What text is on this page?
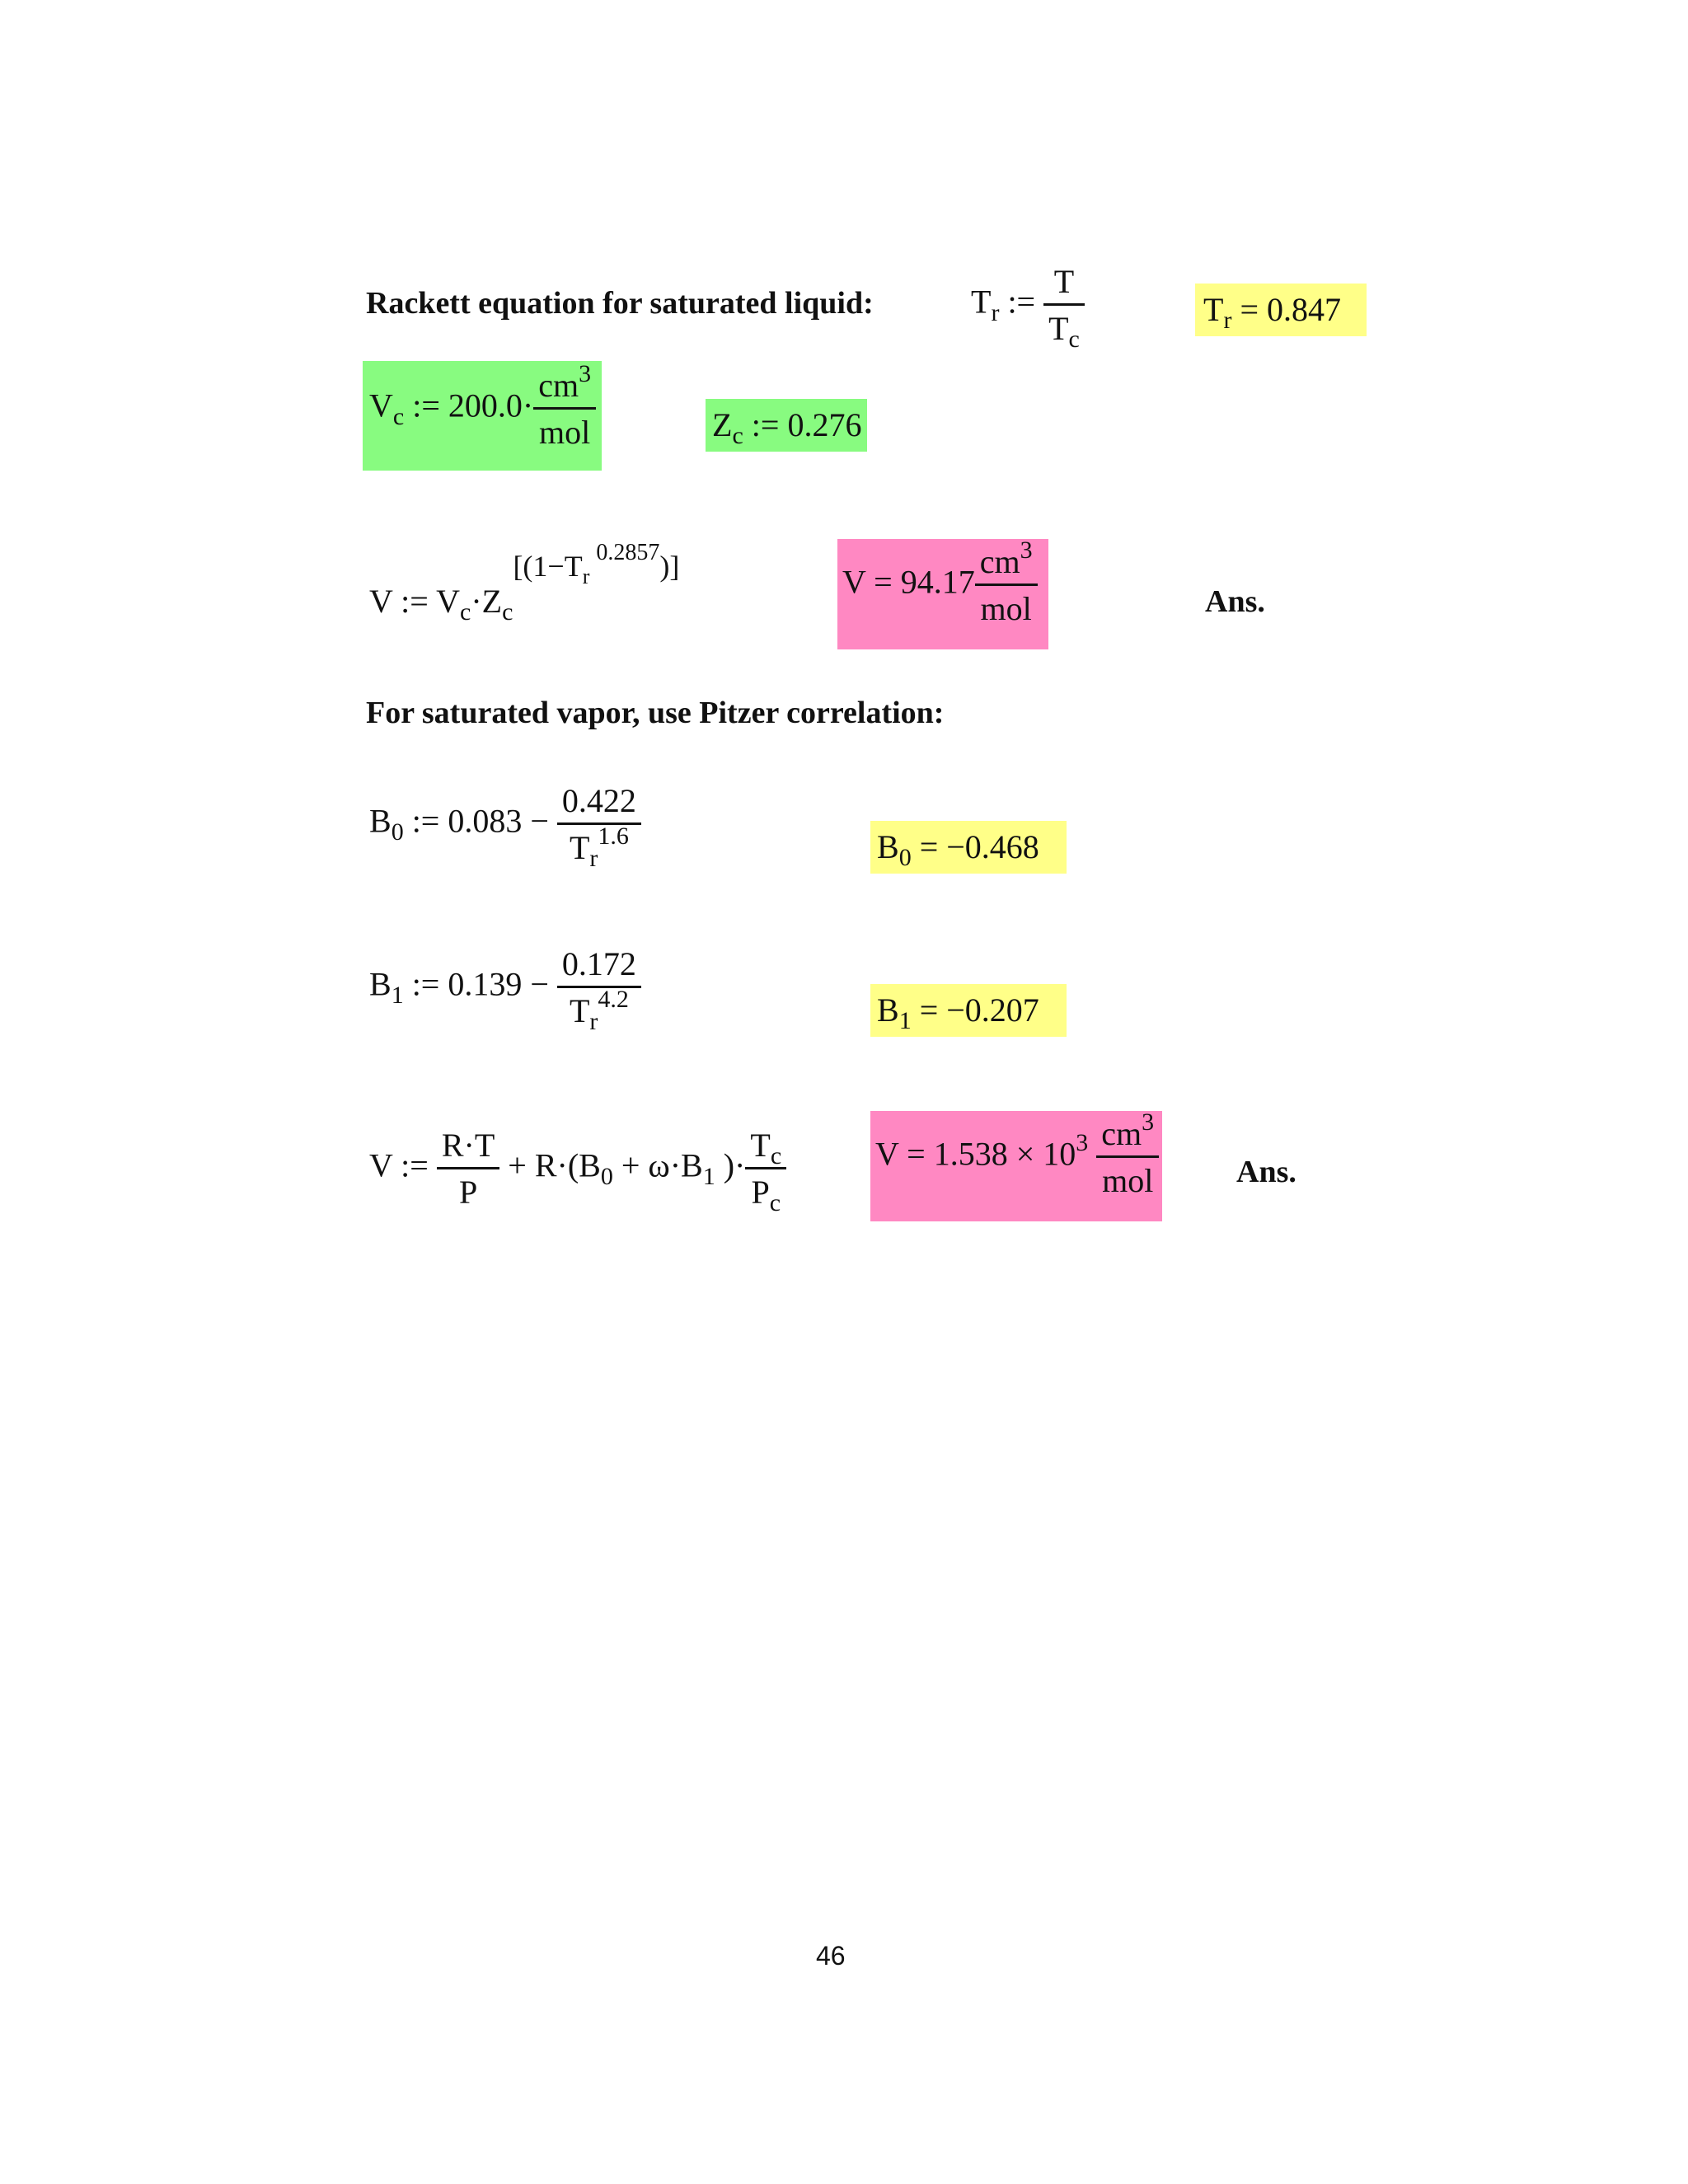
Rackett equation for saturated liquid:	$T_r$ := $\frac{T}{T_c}$	$T_r = 0.847$
$V_c$ := $200.0\cdot \frac{cm^3}{\text{mol}}$	$Z_c$ := 0.276
V := $V_c\cdot Z_c[(1-T_r^{0.2857})]$	$V = 94.17 \frac{cm^3}{\text{mol}}$	Ans.
For saturated vapor, use Pitzer correlation:
$B_0$ := $0.083 - \frac{0.422}{T_r^{1.6}}$	$B_0 = -0.468$
$B_1$ := $0.139 - \frac{0.172}{T_r^{4.2}}$	$B_1 = -0.207$
V := $\frac{R\cdot T}{P} + R\cdot(B_0 + \omega\cdot B_1$ )· $\frac{T_c}{P_c}$	$V = 1.538 \times 10^3 \frac{cm^3}{\text{mol}}$ Ans.
46
